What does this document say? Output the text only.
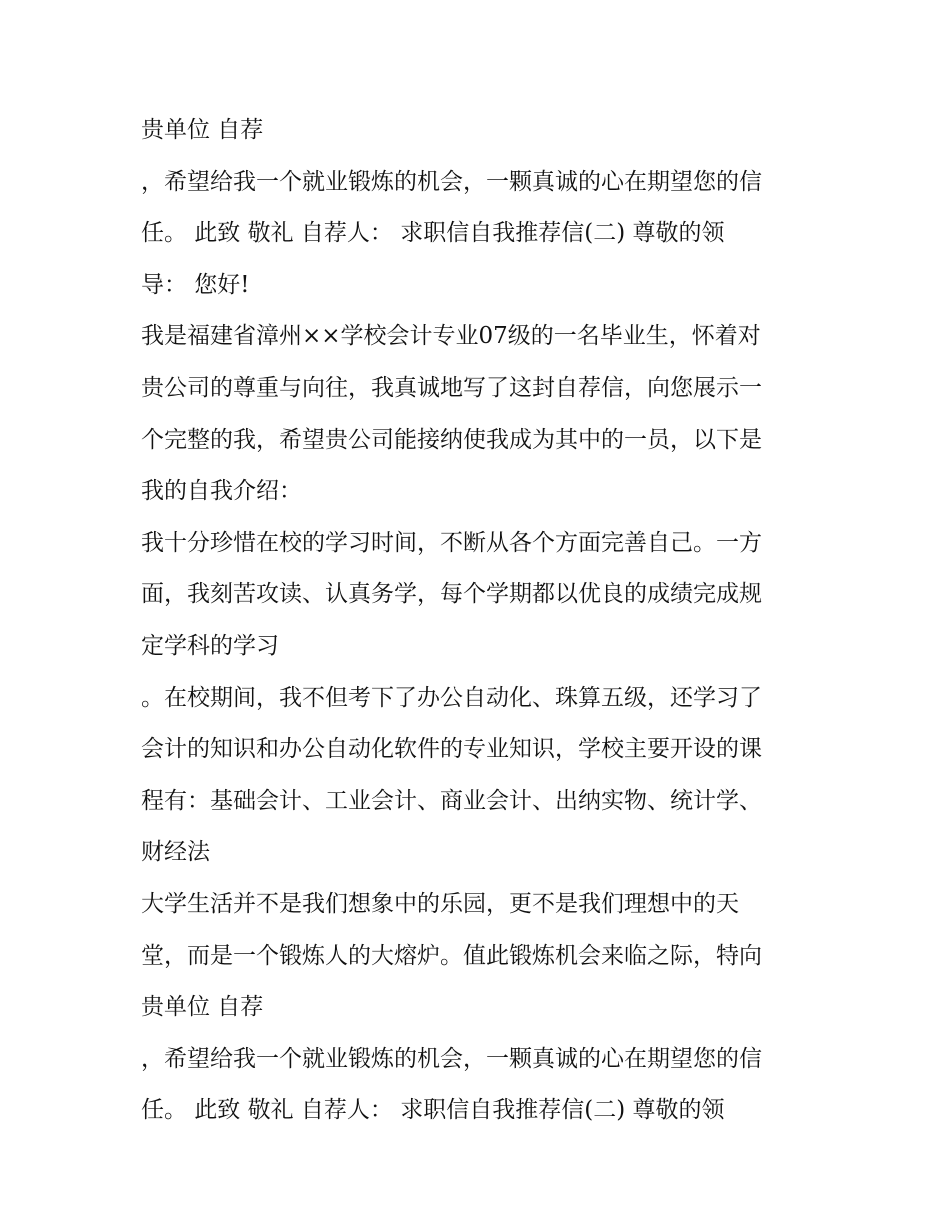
贵单位 自荐
，希望给我一个就业锻炼的机会，一颗真诚的心在期望您的信
任。 此致 敬礼 自荐人： 求职信自我推荐信(二) 尊敬的领
导： 您好!
我是福建省漳州××学校会计专业07级的一名毕业生，怀着对
贵公司的尊重与向往，我真诚地写了这封自荐信，向您展示一
个完整的我，希望贵公司能接纳使我成为其中的一员，以下是
我的自我介绍：
我十分珍惜在校的学习时间，不断从各个方面完善自己。一方
面，我刻苦攻读、认真务学，每个学期都以优良的成绩完成规
定学科的学习
。在校期间，我不但考下了办公自动化、珠算五级，还学习了
会计的知识和办公自动化软件的专业知识，学校主要开设的课
程有：基础会计、工业会计、商业会计、出纳实物、统计学、
财经法
大学生活并不是我们想象中的乐园，更不是我们理想中的天
堂，而是一个锻炼人的大熔炉。值此锻炼机会来临之际，特向
贵单位 自荐
，希望给我一个就业锻炼的机会，一颗真诚的心在期望您的信
任。 此致 敬礼 自荐人： 求职信自我推荐信(二) 尊敬的领
